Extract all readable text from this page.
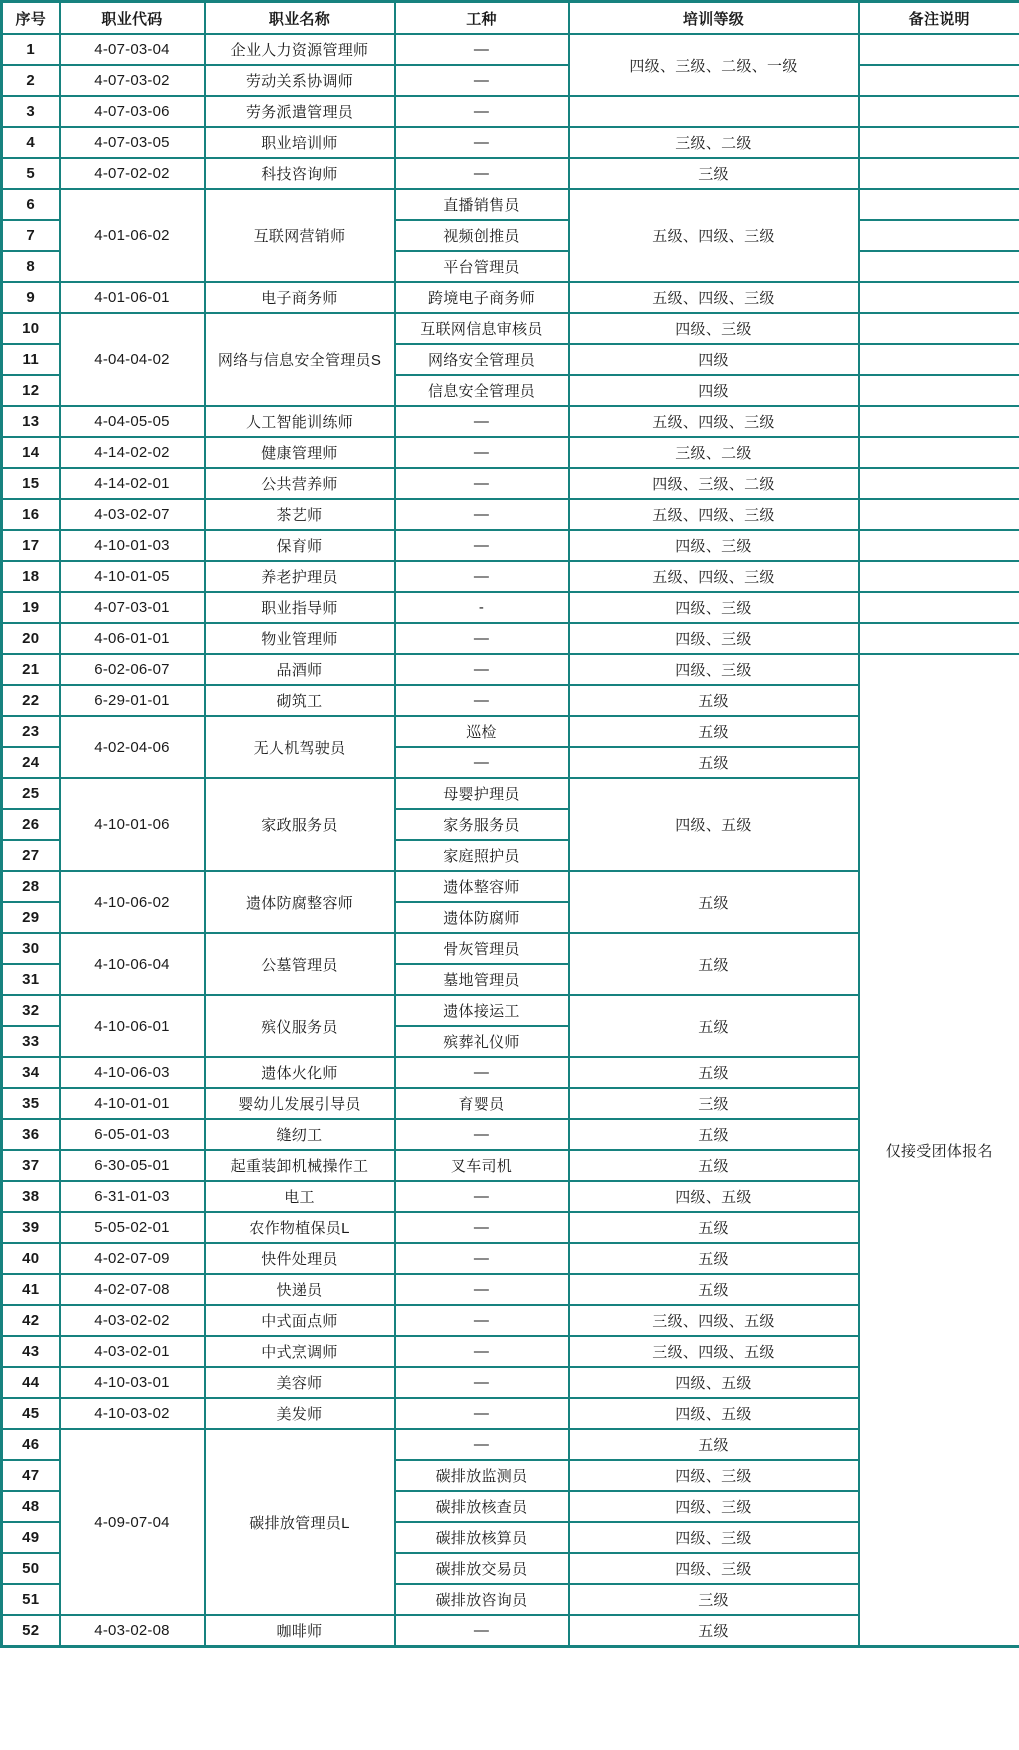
序号	职业代码	职业名称	工种	培训等级	备注说明
1	4-07-03-04	企业人力资源管理师	—	四级、三级、二级、一级	
2	4-07-03-02	劳动关系协调师	—		
3	4-07-03-06	劳务派遣管理员	—		
4	4-07-03-05	职业培训师	—	三级、二级	
5	4-07-02-02	科技咨询师	—	三级	
6	4-01-06-02	互联网营销师	直播销售员	五级、四级、三级	
7			视频创推员		
8			平台管理员		
9	4-01-06-01	电子商务师	跨境电子商务师	五级、四级、三级	
10	4-04-04-02	网络与信息安全管理员S	互联网信息审核员	四级、三级	
11			网络安全管理员	四级	
12			信息安全管理员	四级	
13	4-04-05-05	人工智能训练师	—	五级、四级、三级	
14	4-14-02-02	健康管理师	—	三级、二级	
15	4-14-02-01	公共营养师	—	四级、三级、二级	
16	4-03-02-07	茶艺师	—	五级、四级、三级	
17	4-10-01-03	保育师	—	四级、三级	
18	4-10-01-05	养老护理员	—	五级、四级、三级	
19	4-07-03-01	职业指导师	-	四级、三级	
20	4-06-01-01	物业管理师	—	四级、三级	
21	6-02-06-07	品酒师	—	四级、三级	仅接受团体报名
22	6-29-01-01	砌筑工	—	五级	
23	4-02-04-06	无人机驾驶员	巡检	五级	
24			—	五级	
25	4-10-01-06	家政服务员	母婴护理员	四级、五级	
26			家务服务员		
27			家庭照护员		
28	4-10-06-02	遗体防腐整容师	遗体整容师	五级	
29			遗体防腐师		
30	4-10-06-04	公墓管理员	骨灰管理员	五级	
31			墓地管理员		
32	4-10-06-01	殡仪服务员	遗体接运工	五级	
33			殡葬礼仪师		
34	4-10-06-03	遗体火化师	—	五级	
35	4-10-01-01	婴幼儿发展引导员	育婴员	三级	
36	6-05-01-03	缝纫工	—	五级	
37	6-30-05-01	起重装卸机械操作工	叉车司机	五级	
38	6-31-01-03	电工	—	四级、五级	
39	5-05-02-01	农作物植保员L	—	五级	
40	4-02-07-09	快件处理员	—	五级	
41	4-02-07-08	快递员	—	五级	
42	4-03-02-02	中式面点师	—	三级、四级、五级	
43	4-03-02-01	中式烹调师	—	三级、四级、五级	
44	4-10-03-01	美容师	—	四级、五级	
45	4-10-03-02	美发师	—	四级、五级	
46	4-09-07-04	碳排放管理员L	—	五级	
47			碳排放监测员	四级、三级	
48			碳排放核查员	四级、三级	
49			碳排放核算员	四级、三级	
50			碳排放交易员	四级、三级	
51			碳排放咨询员	三级	
52	4-03-02-08	咖啡师	—	五级	
